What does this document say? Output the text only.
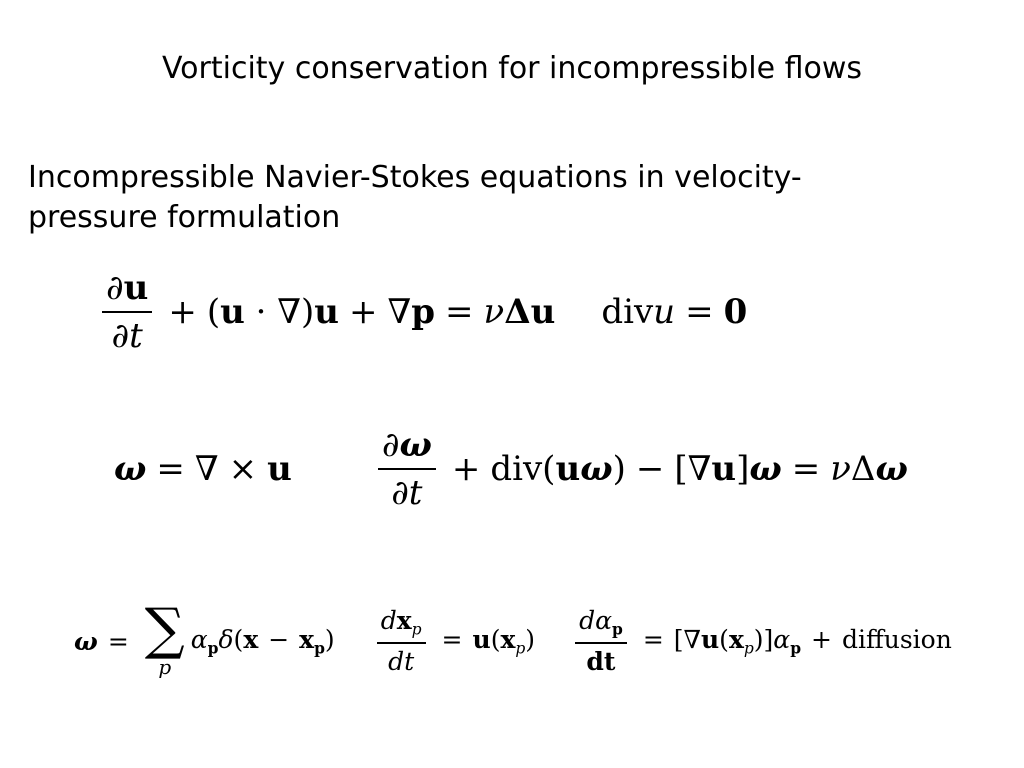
Vorticity conservation for incompressible flows
Incompressible Navier-Stokes equations in velocity-
pressure formulation
$\frac{\partial u}{\partial t} + (u \cdot \nabla)u + \nabla p = \nu\Delta u$ divu = 0
ω = ∇ × u	$\frac{\partial\omega}{\partial t} + div(u\omega) - [\nabla u]\omega = \nu\Delta\omega$
ω = ∑
p
$\alpha_p\delta(x - x_p) \frac{dx_p}{dt} = u(x_p) \frac{d\alpha_p}{dt} = [\nabla u(x_p)]\alpha_p$ + diffusion
